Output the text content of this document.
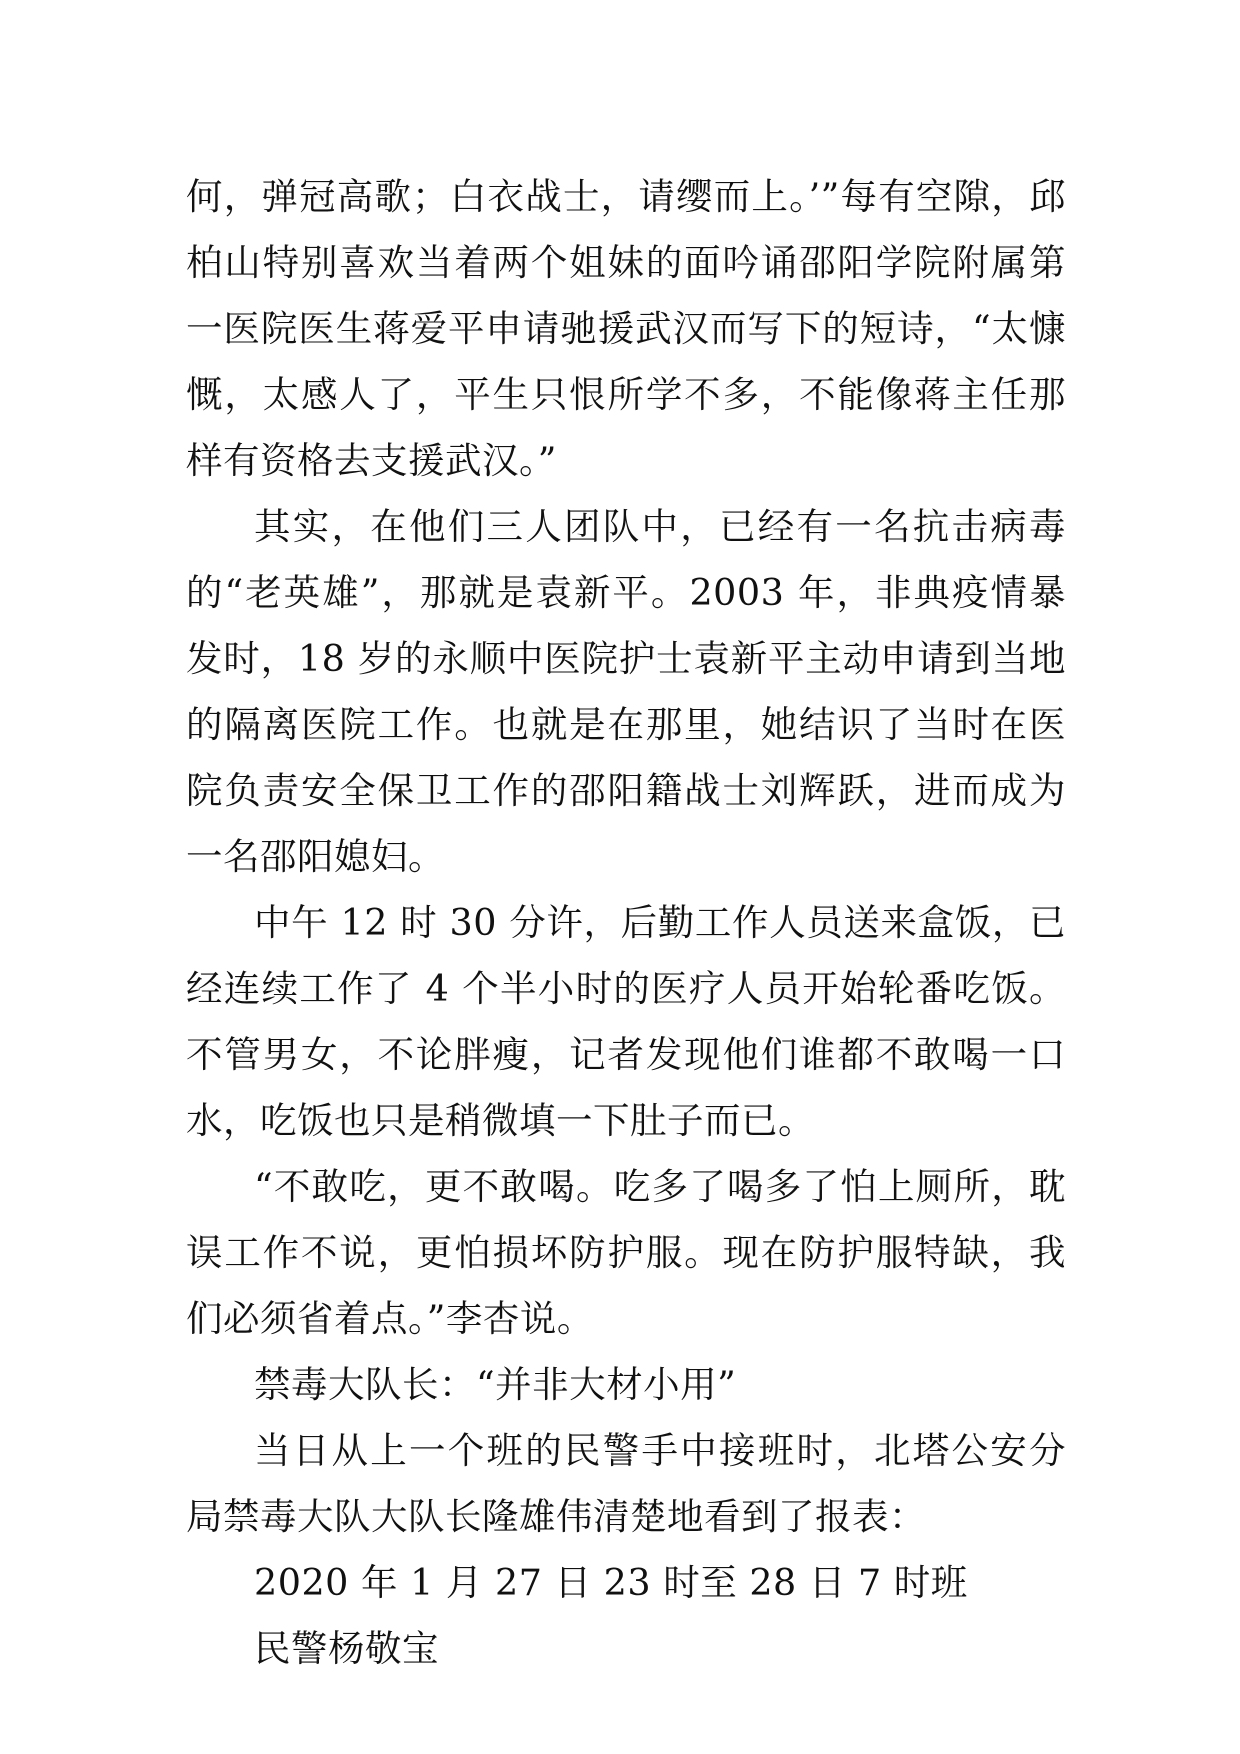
何，弹冠高歌；白衣战士，请缨而上。’”每有空隙，邱柏山特别喜欢当着两个姐妹的面吟诵邵阳学院附属第一医院医生蒋爱平申请驰援武汉而写下的短诗，“太慷慨，太感人了，平生只恨所学不多，不能像蒋主任那样有资格去支援武汉。”

其实，在他们三人团队中，已经有一名抗击病毒的“老英雄”，那就是袁新平。2003 年，非典疫情暴发时，18 岁的永顺中医院护士袁新平主动申请到当地的隔离医院工作。也就是在那里，她结识了当时在医院负责安全保卫工作的邵阳籍战士刘辉跃，进而成为一名邵阳媳妇。

中午 12 时 30 分许，后勤工作人员送来盒饭，已经连续工作了 4 个半小时的医疗人员开始轮番吃饭。不管男女，不论胖瘦，记者发现他们谁都不敢喝一口水，吃饭也只是稍微填一下肚子而已。

“不敢吃，更不敢喝。吃多了喝多了怕上厕所，耽误工作不说，更怕损坏防护服。现在防护服特缺，我们必须省着点。”李杏说。

禁毒大队长：“并非大材小用”

当日从上一个班的民警手中接班时，北塔公安分局禁毒大队大队长隆雄伟清楚地看到了报表：

2020 年 1 月 27 日 23 时至 28 日 7 时班

民警杨敬宝
